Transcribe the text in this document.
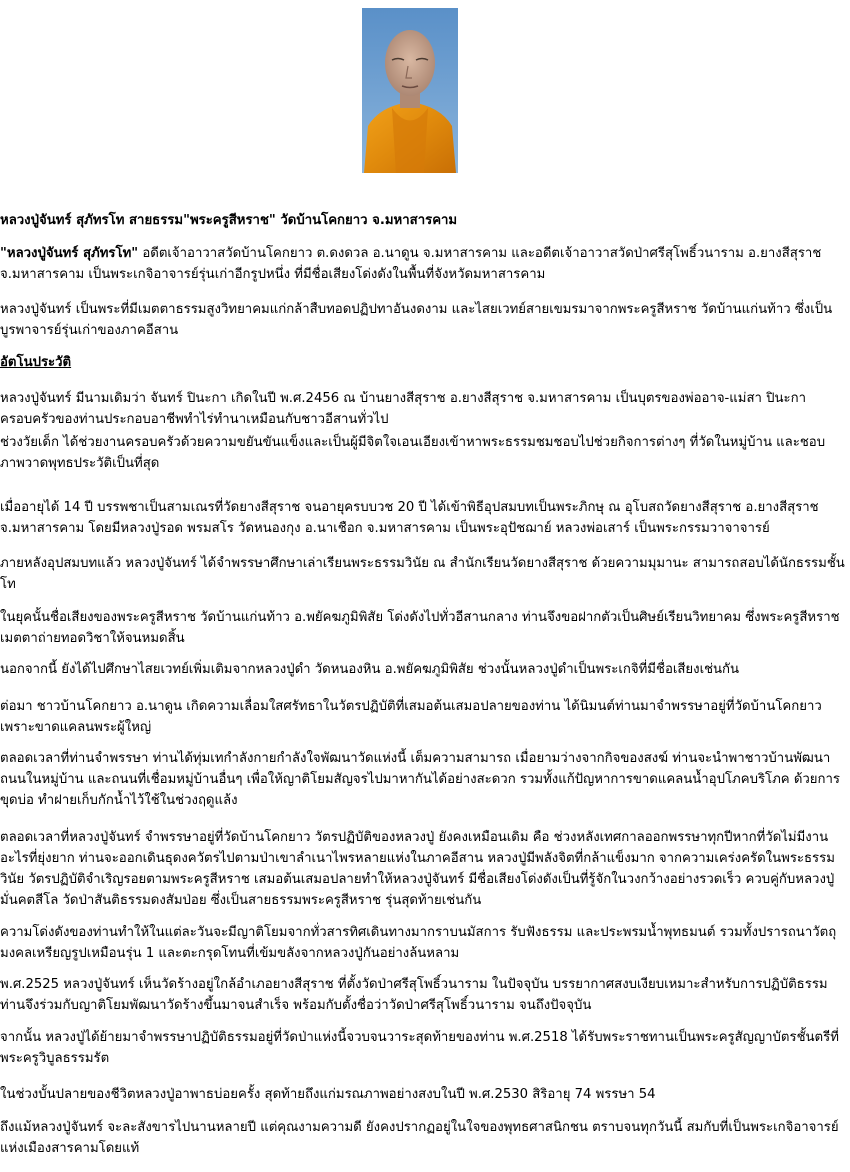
หลวงปู่จันทร์ สุภัทรโท สายธรรม"พระครูสีหราช" วัดบ้านโคกยาว จ.มหาสารคาม

"หลวงปู่จันทร์ สุภัทรโท" อดีตเจ้าอาวาสวัดบ้านโคกยาว ต.ดงดวล อ.นาดูน จ.มหาสารคาม และอดีตเจ้าอาวาสวัดป่าศรีสุโพธิ์วนาราม อ.ยางสีสุราช จ.มหาสารคาม เป็นพระเกจิอาจารย์รุ่นเก่าอีกรูปหนึ่ง ที่มีชื่อเสียงโด่งดังในพื้นที่จังหวัดมหาสารคาม

หลวงปู่จันทร์ เป็นพระที่มีเมตตาธรรมสูงวิทยาคมแก่กล้าสืบทอดปฏิปทาอันงดงาม และไสยเวทย์สายเขมรมาจากพระครูสีหราช วัดบ้านแก่นท้าว ซึ่งเป็นบูรพาจารย์รุ่นเก่าของภาคอีสาน

อัตโนประวัติ

หลวงปู่จันทร์ มีนามเดิมว่า จันทร์ ปินะกา เกิดในปี พ.ศ.2456 ณ บ้านยางสีสุราช อ.ยางสีสุราช จ.มหาสารคาม เป็นบุตรของพ่ออาจ-แม่สา ปินะกา ครอบครัวของท่านประกอบอาชีพทำไร่ทำนาเหมือนกับชาวอีสานทั่วไป

ช่วงวัยเด็ก ได้ช่วยงานครอบครัวด้วยความขยันขันแข็งและเป็นผู้มีจิตใจเอนเอียงเข้าหาพระธรรมชมชอบไปช่วยกิจการต่างๆ ที่วัดในหมู่บ้าน และชอบภาพวาดพุทธประวัติเป็นที่สุด

เมื่ออายุได้ 14 ปี บรรพชาเป็นสามเณรที่วัดยางสีสุราช จนอายุครบบวช 20 ปี ได้เข้าพิธีอุปสมบทเป็นพระภิกษุ ณ อุโบสถวัดยางสีสุราช อ.ยางสีสุราช จ.มหาสารคาม โดยมีหลวงปู่รอด พรมสโร วัดหนองกุง อ.นาเชือก จ.มหาสารคาม เป็นพระอุปัชฌาย์ หลวงพ่อเสาร์ เป็นพระกรรมวาจาจารย์

ภายหลังอุปสมบทแล้ว หลวงปู่จันทร์ ได้จำพรรษาศึกษาเล่าเรียนพระธรรมวินัย ณ สำนักเรียนวัดยางสีสุราช ด้วยความมุมานะ สามารถสอบได้นักธรรมชั้นโท

ในยุคนั้นชื่อเสียงของพระครูสีหราช วัดบ้านแก่นท้าว อ.พยัคฆภูมิพิสัย โด่งดังไปทั่วอีสานกลาง ท่านจึงขอฝากตัวเป็นศิษย์เรียนวิทยาคม ซึ่งพระครูสีหราชเมตตาถ่ายทอดวิชาให้จนหมดสิ้น

นอกจากนี้ ยังได้ไปศึกษาไสยเวทย์เพิ่มเติมจากหลวงปู่ดำ วัดหนองหิน อ.พยัคฆภูมิพิสัย ช่วงนั้นหลวงปู่ดำเป็นพระเกจิที่มีชื่อเสียงเช่นกัน

ต่อมา ชาวบ้านโคกยาว อ.นาดูน เกิดความเลื่อมใสศรัทธาในวัตรปฏิบัติที่เสมอต้นเสมอปลายของท่าน ได้นิมนต์ท่านมาจำพรรษาอยู่ที่วัดบ้านโคกยาว เพราะขาดแคลนพระผู้ใหญ่

ตลอดเวลาที่ท่านจำพรรษา ท่านได้ทุ่มเทกำลังกายกำลังใจพัฒนาวัดแห่งนี้ เต็มความสามารถ เมื่อยามว่างจากกิจของสงฆ์ ท่านจะนำพาชาวบ้านพัฒนาถนนในหมู่บ้าน และถนนที่เชื่อมหมู่บ้านอื่นๆ เพื่อให้ญาติโยมสัญจรไปมาหากันได้อย่างสะดวก รวมทั้งแก้ปัญหาการขาดแคลนน้ำอุปโภคบริโภค ด้วยการขุดบ่อ ทำฝายเก็บกักน้ำไว้ใช้ในช่วงฤดูแล้ง

ตลอดเวลาที่หลวงปู่จันทร์ จำพรรษาอยู่ที่วัดบ้านโคกยาว วัตรปฏิบัติของหลวงปู่ ยังคงเหมือนเดิม คือ ช่วงหลังเทศกาลออกพรรษาทุกปีหากที่วัดไม่มีงานอะไรที่ยุ่งยาก ท่านจะออกเดินธุดงควัตรไปตามป่าเขาลำเนาไพรหลายแห่งในภาคอีสาน หลวงปู่มีพลังจิตที่กล้าแข็งมาก จากความเคร่งครัดในพระธรรมวินัย วัตรปฏิบัติจำเริญรอยตามพระครูสีหราช เสมอต้นเสมอปลายทำให้หลวงปู่จันทร์ มีชื่อเสียงโด่งดังเป็นที่รู้จักในวงกว้างอย่างรวดเร็ว ควบคู่กับหลวงปู่มั่นคตสีโล วัดป่าสันติธรรมดงสัมป่อย ซึ่งเป็นสายธรรมพระครูสีหราช รุ่นสุดท้ายเช่นกัน

ความโด่งดังของท่านทำให้ในแต่ละวันจะมีญาติโยมจากทั่วสารทิศเดินทางมากราบนมัสการ รับฟังธรรม และประพรมน้ำพุทธมนต์ รวมทั้งปรารถนาวัตถุมงคลเหรียญรูปเหมือนรุ่น 1 และตะกรุดโทนที่เข้มขลังจากหลวงปู่กันอย่างล้นหลาม

พ.ศ.2525 หลวงปู่จันทร์ เห็นวัดร้างอยู่ใกล้อำเภอยางสีสุราช ที่ตั้งวัดป่าศรีสุโพธิ์วนาราม ในปัจจุบัน บรรยากาศสงบเงียบเหมาะสำหรับการปฏิบัติธรรม ท่านจึงร่วมกับญาติโยมพัฒนาวัดร้างขึ้นมาจนสำเร็จ พร้อมกับตั้งชื่อว่าวัดป่าศรีสุโพธิ์วนาราม จนถึงปัจจุบัน

จากนั้น หลวงปู่ได้ย้ายมาจำพรรษาปฏิบัติธรรมอยู่ที่วัดป่าแห่งนี้จวบจนวาระสุดท้ายของท่าน พ.ศ.2518 ได้รับพระราชทานเป็นพระครูสัญญาบัตรชั้นตรีที่ พระครูวิบูลธรรมรัต

ในช่วงบั้นปลายของชีวิตหลวงปู่อาพาธบ่อยครั้ง สุดท้ายถึงแก่มรณภาพอย่างสงบในปี พ.ศ.2530 สิริอายุ 74 พรรษา 54

ถึงแม้หลวงปู่จันทร์ จะละสังขารไปนานหลายปี แต่คุณงามความดี ยังคงปรากฏอยู่ในใจของพุทธศาสนิกชน ตราบจนทุกวันนี้ สมกับที่เป็นพระเกจิอาจารย์แห่งเมืองสารคามโดยแท้
